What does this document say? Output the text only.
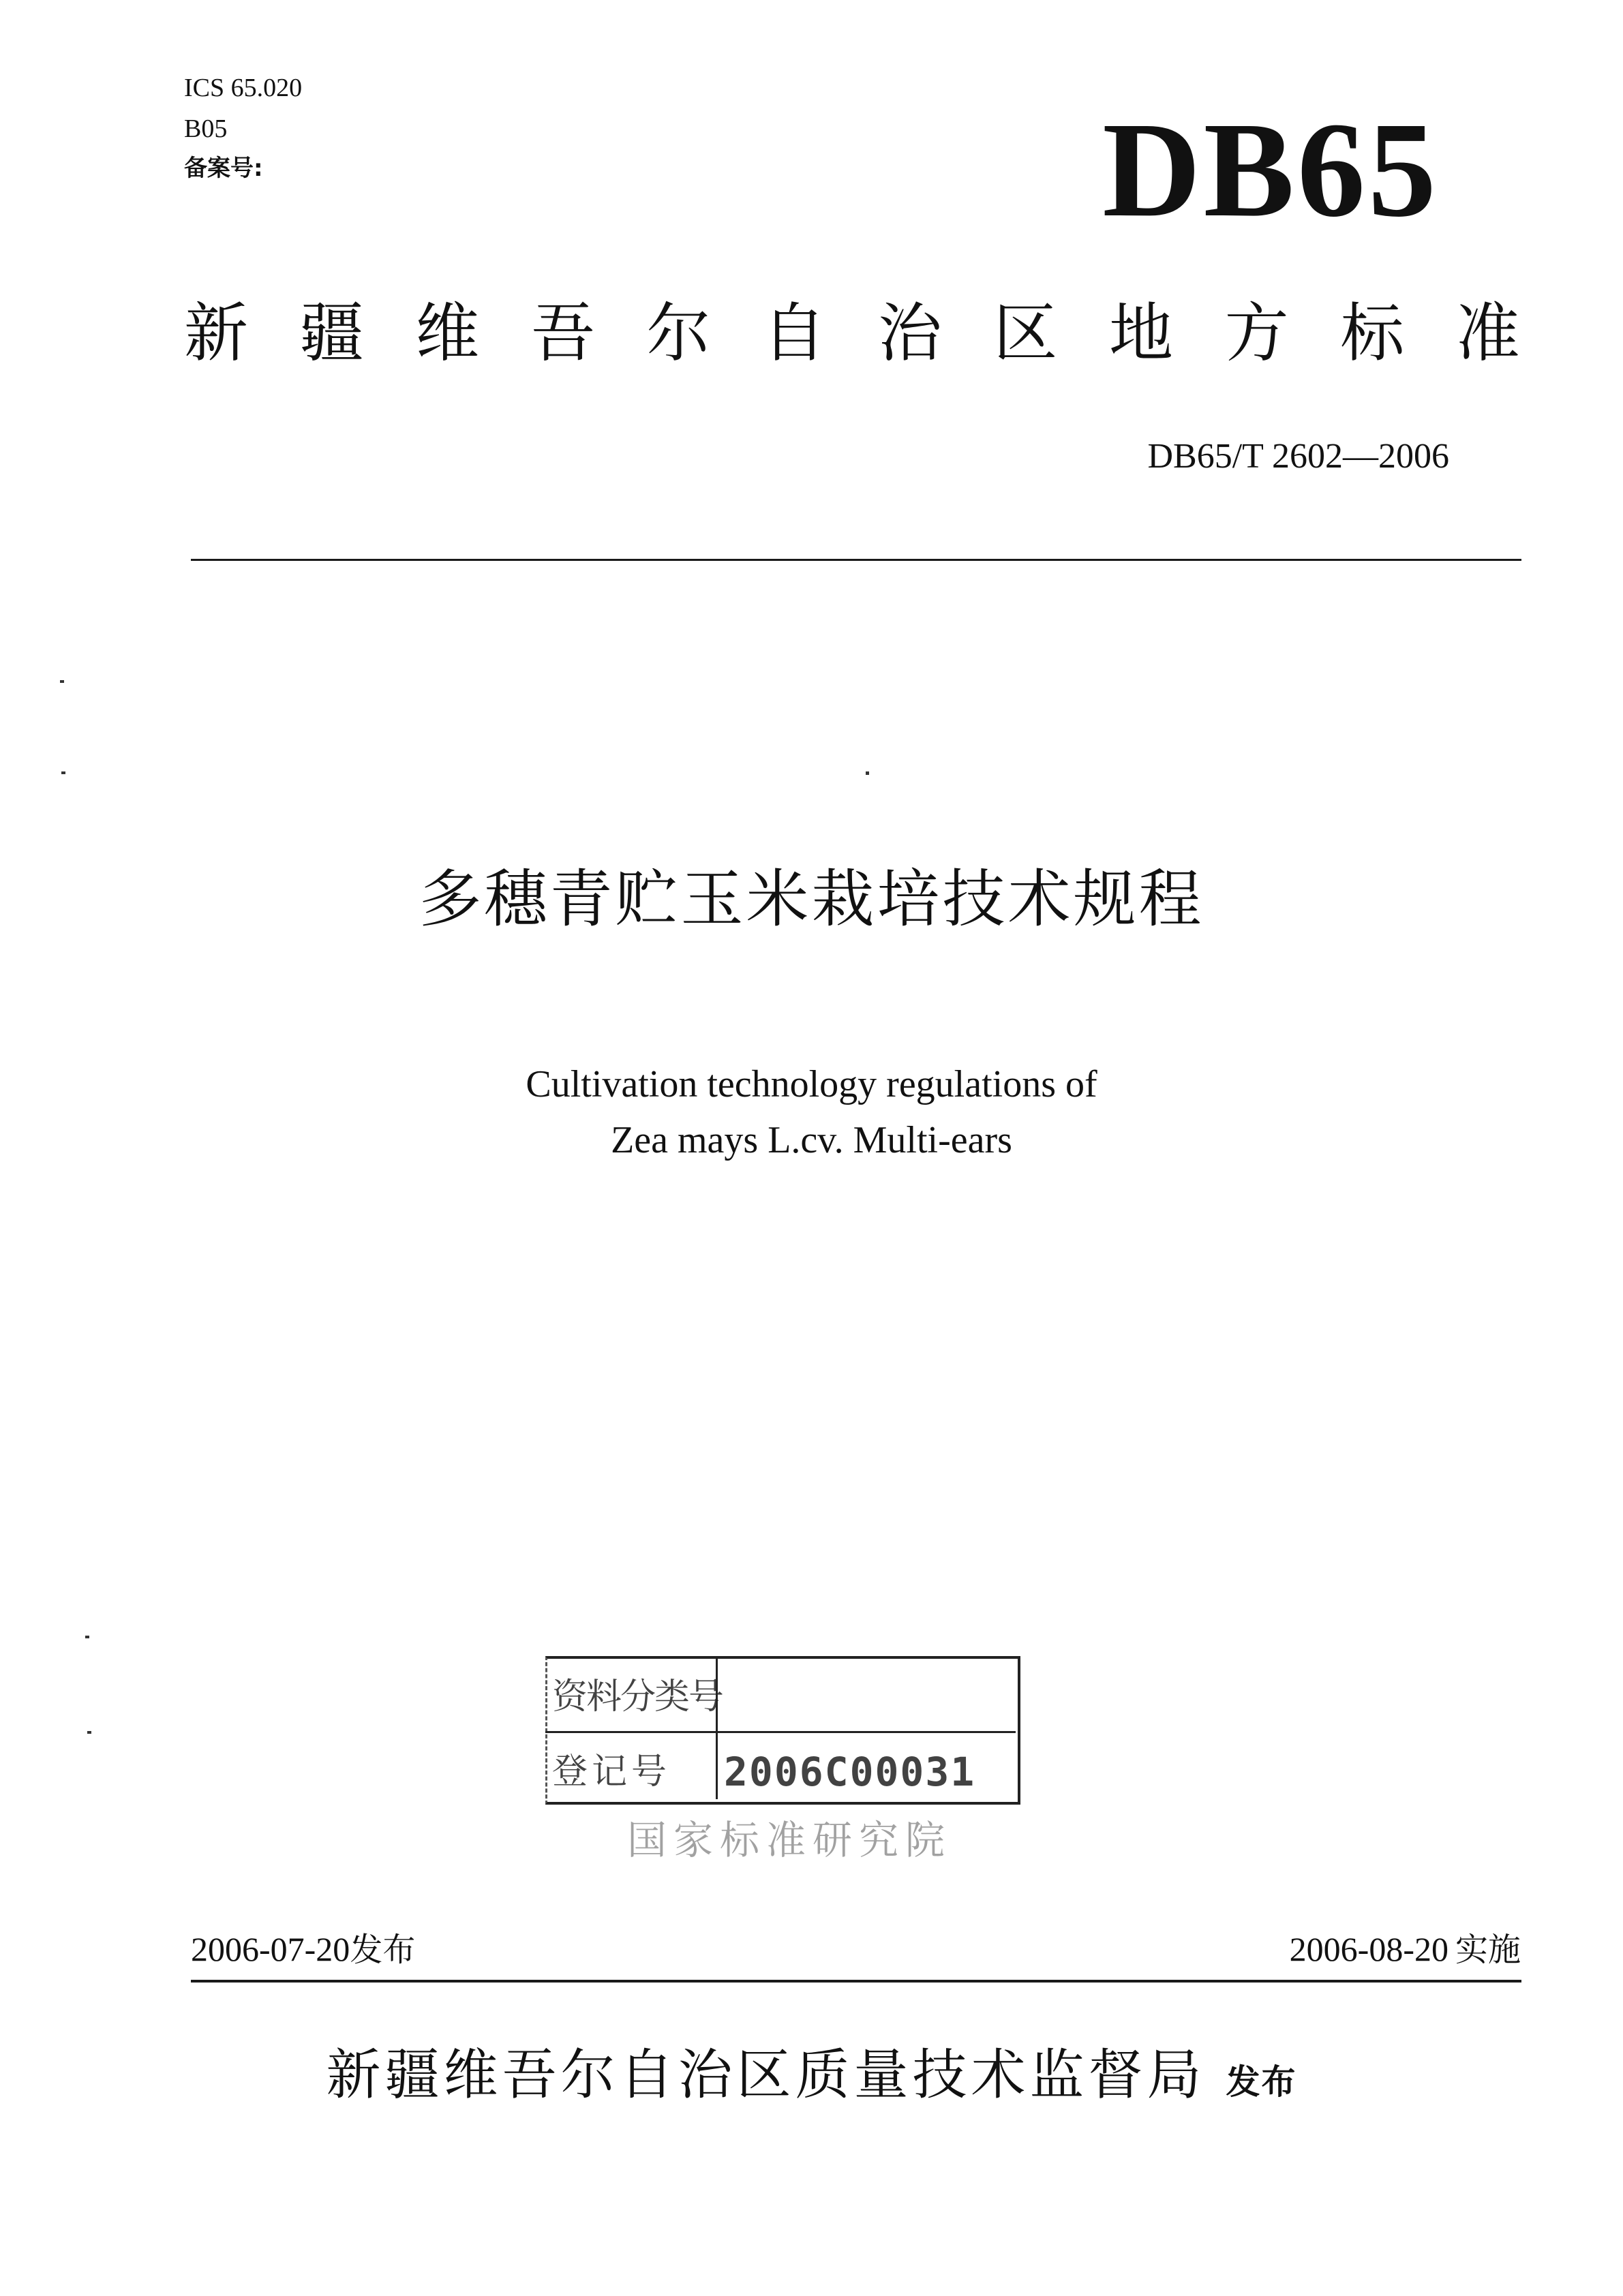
ICS 65.020
B05
备案号:	DB65
新 疆 维 吾 尔 自 治 区 地 方 标 准
DB65/T 2602—2006
多穗青贮玉米栽培技术规程
Cultivation technology regulations of
Zea mays L.cv. Multi-ears
资料分类号
登记号 2006C00031
国家标准研究院
2006-07-20发布	2006-08-20 实施
新疆维吾尔自治区质量技术监督局 发布
